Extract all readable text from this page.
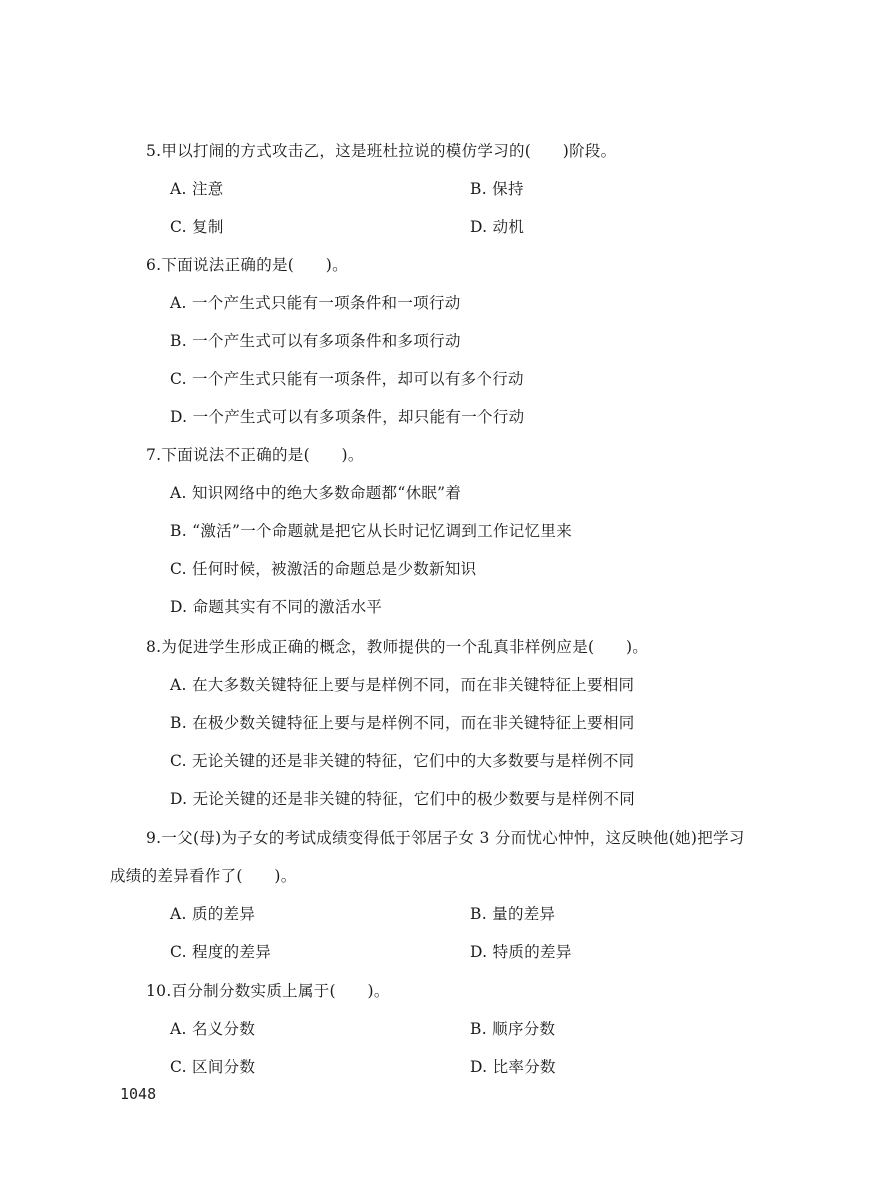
5.甲以打闹的方式攻击乙，这是班杜拉说的模仿学习的(　　)阶段。
A. 注意	B. 保持
C. 复制	D. 动机
6.下面说法正确的是(　　)。
A. 一个产生式只能有一项条件和一项行动
B. 一个产生式可以有多项条件和多项行动
C. 一个产生式只能有一项条件，却可以有多个行动
D. 一个产生式可以有多项条件，却只能有一个行动
7.下面说法不正确的是(　　)。
A. 知识网络中的绝大多数命题都“休眠”着
B. “激活”一个命题就是把它从长时记忆调到工作记忆里来
C. 任何时候，被激活的命题总是少数新知识
D. 命题其实有不同的激活水平
8.为促进学生形成正确的概念，教师提供的一个乱真非样例应是(　　)。
A. 在大多数关键特征上要与是样例不同，而在非关键特征上要相同
B. 在极少数关键特征上要与是样例不同，而在非关键特征上要相同
C. 无论关键的还是非关键的特征，它们中的大多数要与是样例不同
D. 无论关键的还是非关键的特征，它们中的极少数要与是样例不同
9.一父(母)为子女的考试成绩变得低于邻居子女 3 分而忧心忡忡，这反映他(她)把学习
成绩的差异看作了(　　)。
A. 质的差异	B. 量的差异
C. 程度的差异	D. 特质的差异
10.百分制分数实质上属于(　　)。
A. 名义分数	B. 顺序分数
C. 区间分数	D. 比率分数
1048
